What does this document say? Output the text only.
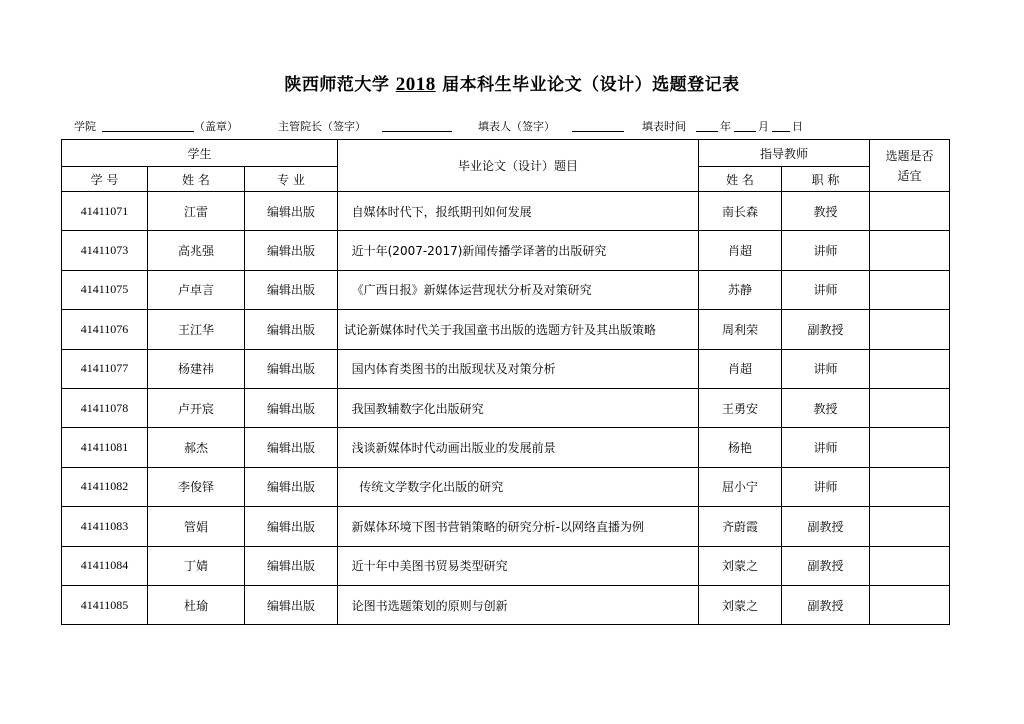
陕西师范大学 2018 届本科生毕业论文（设计）选题登记表
学院	（盖章）	主管院长（签字）	填表人（签字）	填表时间	年 月 日
学生			毕业论文（设计）题目	指导教师		选题是否适宜
学 号	姓 名	专 业		姓 名	职 称	
41411071	江雷	编辑出版	自媒体时代下，报纸期刊如何发展	南长森	教授	
41411073	高兆强	编辑出版	近十年(2007-2017)新闻传播学译著的出版研究	肖超	讲师	
41411075	卢卓言	编辑出版	《广西日报》新媒体运营现状分析及对策研究	苏静	讲师	
41411076	王江华	编辑出版	试论新媒体时代关于我国童书出版的选题方针及其出版策略	周利荣	副教授	
41411077	杨建祎	编辑出版	国内体育类图书的出版现状及对策分析	肖超	讲师	
41411078	卢开宸	编辑出版	我国教辅数字化出版研究	王勇安	教授	
41411081	郝杰	编辑出版	浅谈新媒体时代动画出版业的发展前景	杨艳	讲师	
41411082	李俊铎	编辑出版	传统文学数字化出版的研究	屈小宁	讲师	
41411083	管娟	编辑出版	新媒体环境下图书营销策略的研究分析-以网络直播为例	齐蔚霞	副教授	
41411084	丁婧	编辑出版	近十年中美图书贸易类型研究	刘蒙之	副教授	
41411085	杜瑜	编辑出版	论图书选题策划的原则与创新	刘蒙之	副教授	
